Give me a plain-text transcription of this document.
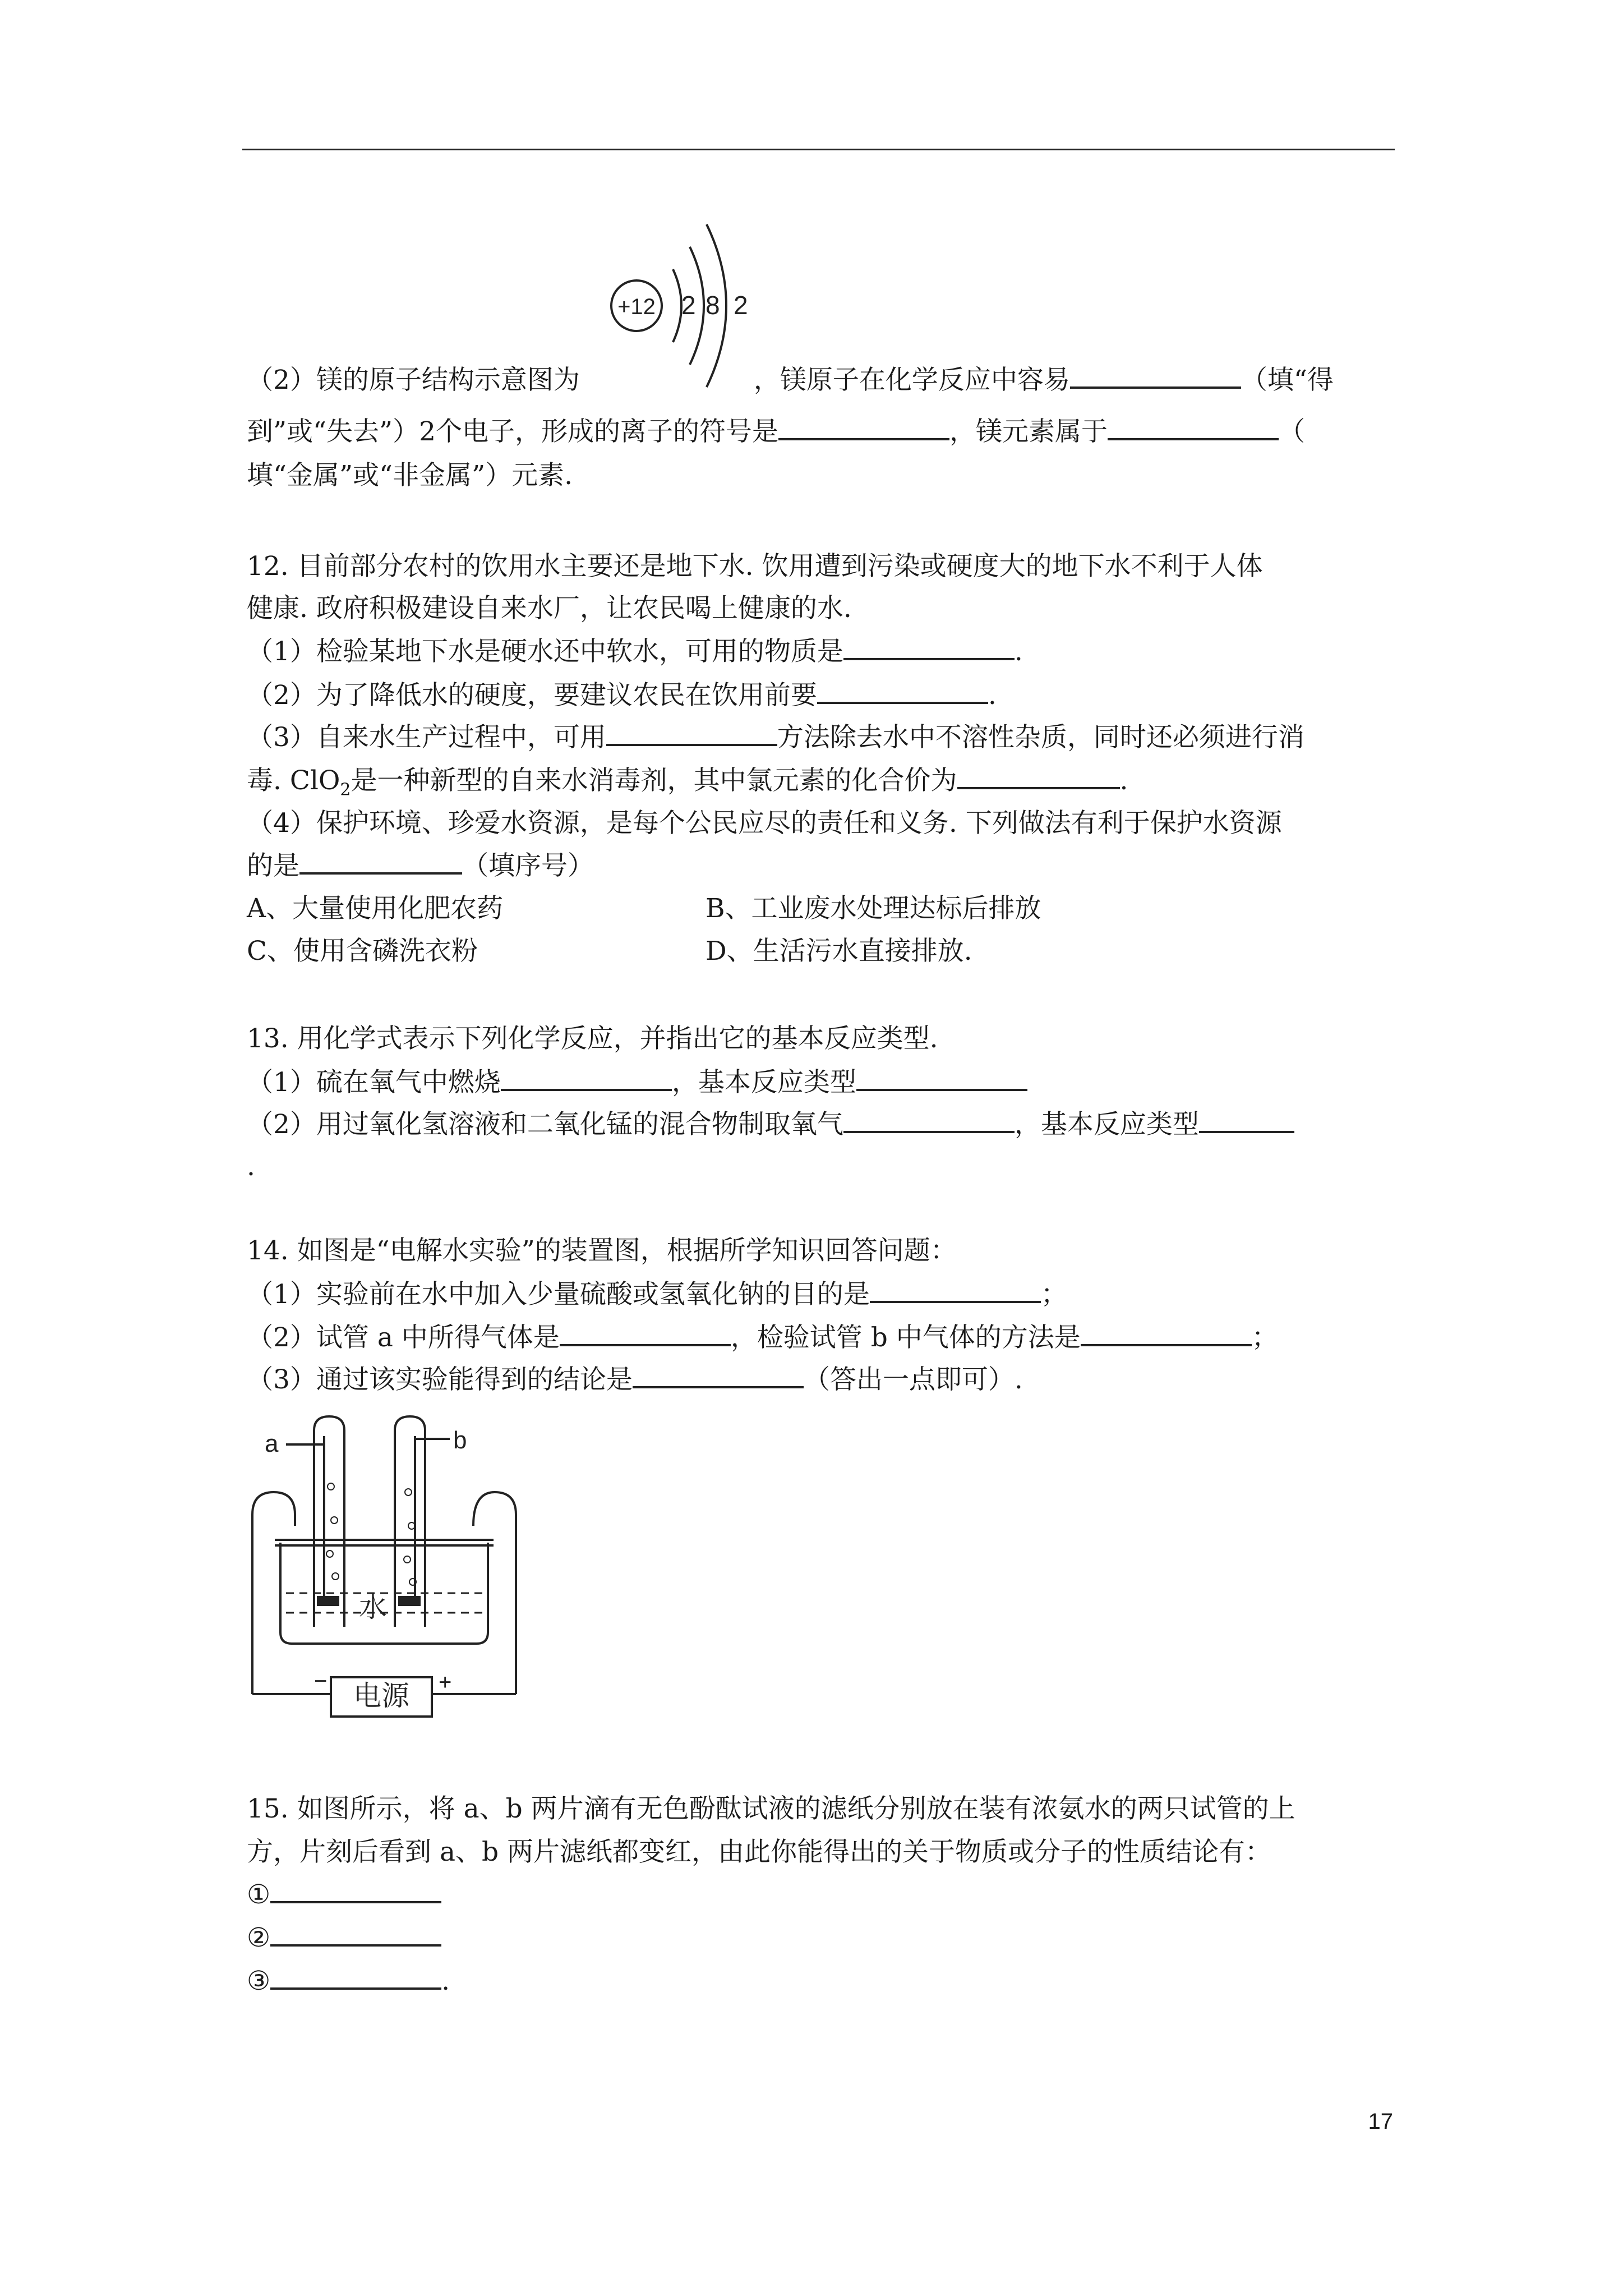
+12 2 8 2
（2）镁的原子结构示意图为	，镁原子在化学反应中容易	（填“得
到”或“失去”）2个电子，形成的离子的符号是	，镁元素属于	（
填“金属”或“非金属”）元素.
12. 目前部分农村的饮用水主要还是地下水. 饮用遭到污染或硬度大的地下水不利于人体
健康. 政府积极建设自来水厂，让农民喝上健康的水.
（1）检验某地下水是硬水还中软水，可用的物质是	.
（2）为了降低水的硬度，要建议农民在饮用前要	.
（3）自来水生产过程中，可用	方法除去水中不溶性杂质，同时还必须进行消
毒. ClO$_2$是一种新型的自来水消毒剂，其中氯元素的化合价为	.
（4）保护环境、珍爱水资源，是每个公民应尽的责任和义务. 下列做法有利于保护水资源
的是	（填序号）
A、大量使用化肥农药	B、工业废水处理达标后排放
C、使用含磷洗衣粉	D、生活污水直接排放.
13. 用化学式表示下列化学反应，并指出它的基本反应类型.
（1）硫在氧气中燃烧	，基本反应类型
（2）用过氧化氢溶液和二氧化锰的混合物制取氧气	，基本反应类型
.
14. 如图是“电解水实验”的装置图，根据所学知识回答问题：
（1）实验前在水中加入少量硫酸或氢氧化钠的目的是	；
（2）试管 a 中所得气体是	，检验试管 b 中气体的方法是	；
（3）通过该实验能得到的结论是	（答出一点即可）.
a	b
水
电源
−	+
15. 如图所示，将 a、b 两片滴有无色酚酞试液的滤纸分别放在装有浓氨水的两只试管的上
方，片刻后看到 a、b 两片滤纸都变红，由此你能得出的关于物质或分子的性质结论有：
①
②
③	.
17
